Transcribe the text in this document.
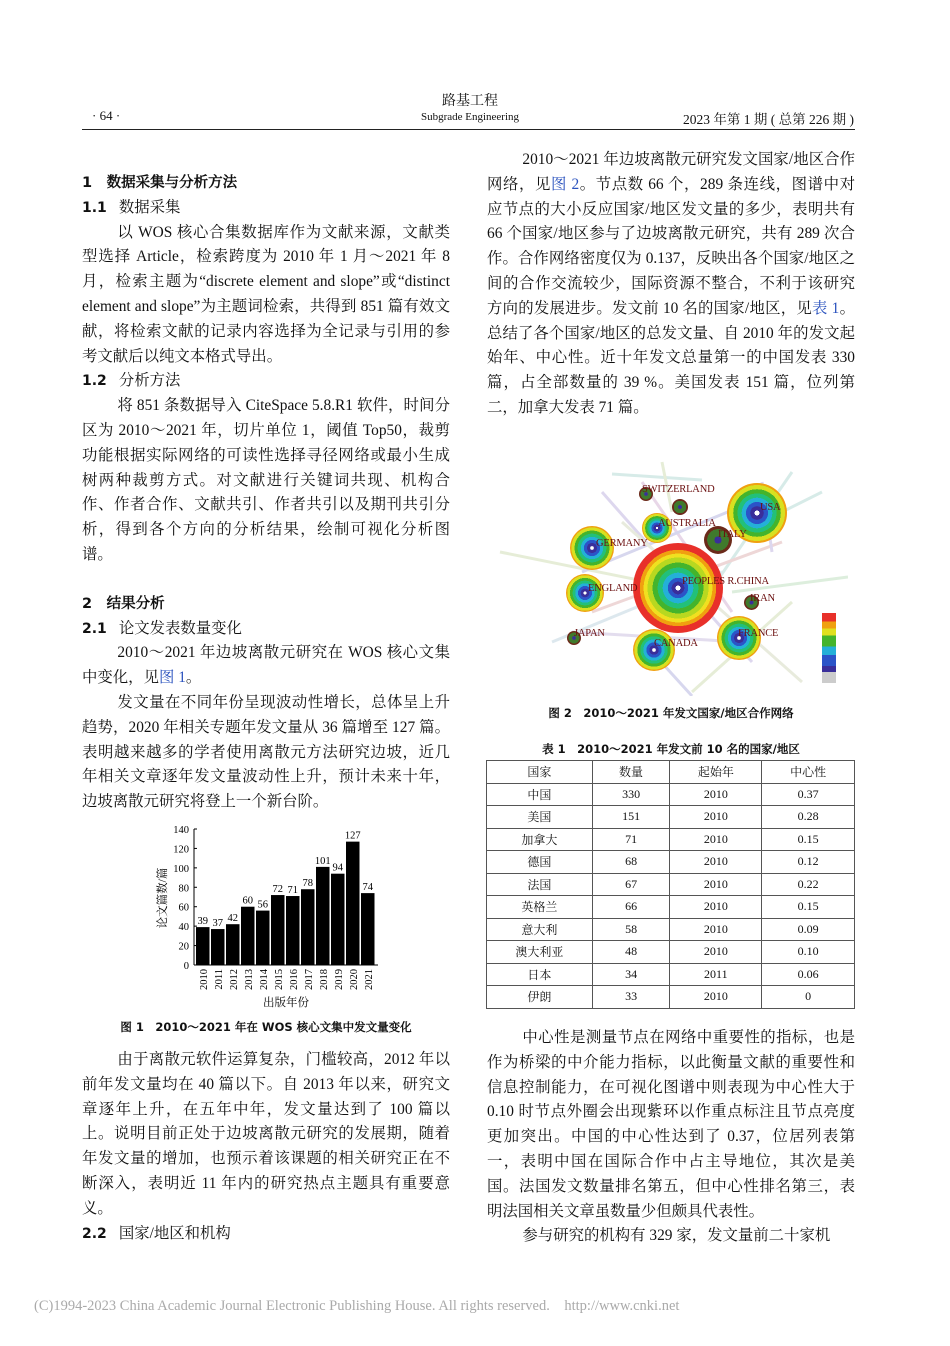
· 64 ·
路基工程
Subgrade Engineering	2023 年第 1 期 ( 总第 226 期 )

1　数据采集与分析方法

1.1 数据采集

以 WOS 核心合集数据库作为文献来源，文献类型选择 Article，检索跨度为 2010 年 1 月～2021 年 8 月，检索主题为“discrete element and slope”或“distinct element and slope”为主题词检索，共得到 851 篇有效文献，将检索文献的记录内容选择为全记录与引用的参考文献后以纯文本格式导出。

1.2 分析方法

将 851 条数据导入 CiteSpace 5.8.R1 软件，时间分区为 2010～2021 年，切片单位 1，阈值 Top50，裁剪功能根据实际网络的可读性选择寻径网络或最小生成树两种裁剪方式。对文献进行关键词共现、机构合作、作者合作、文献共引、作者共引以及期刊共引分析，得到各个方向的分析结果，绘制可视化分析图谱。

2　结果分析

2.1 论文发表数量变化

2010～2021 年边坡离散元研究在 WOS 核心文集中变化，见图 1。

发文量在不同年份呈现波动性增长，总体呈上升趋势，2020 年相关专题年发文量从 36 篇增至 127 篇。表明越来越多的学者使用离散元方法研究边坡，近几年相关文章逐年发文量波动性上升，预计未来十年，边坡离散元研究将登上一个新台阶。

0
20
40
60
80
100
120
140
39
2010
37
2011
42
2012
60
2013
56
2014
72
2015
71
2016
78
2017
101
2018
94
2019
127
2020
74
2021
出版年份
论文篇数/篇
图 1　2010～2021 年在 WOS 核心文集中发文量变化

由于离散元软件运算复杂，门槛较高，2012 年以前年发文量均在 40 篇以下。自 2013 年以来，研究文章逐年上升，在五年中年，发文量达到了 100 篇以上。说明目前正处于边坡离散元研究的发展期，随着年发文量的增加，也预示着该课题的相关研究正在不断深入，表明近 11 年内的研究热点主题具有重要意义。

2.2 国家/地区和机构

2010～2021 年边坡离散元研究发文国家/地区合作网络，见图 2。节点数 66 个，289 条连线，图谱中对应节点的大小反应国家/地区发文量的多少，表明共有 66 个国家/地区参与了边坡离散元研究，共有 289 次合作。合作网络密度仅为 0.137，反映出各个国家/地区之间的合作交流较少，国际资源不整合，不利于该研究方向的发展进步。发文前 10 名的国家/地区，见表 1。总结了各个国家/地区的总发文量、自 2010 年的发文起始年、中心性。近十年发文总量第一的中国发表 330 篇，占全部数量的 39 %。美国发表 151 篇，位列第二，加拿大发表 71 篇。

SWITZERLAND
USA
AUSTRALIA
ITALY
GERMANY
PEOPLES R.CHINA
ENGLAND
IRAN
JAPAN	FRANCE
CANADA
图 2　2010～2021 年发文国家/地区合作网络
表 1　2010～2021 年发文前 10 名的国家/地区
国家	数量	起始年	中心性
中国	330	2010	0.37
美国	151	2010	0.28
加拿大	71	2010	0.15
德国	68	2010	0.12
法国	67	2010	0.22
英格兰	66	2010	0.15
意大利	58	2010	0.09
澳大利亚	48	2010	0.10
日本	34	2011	0.06
伊朗	33	2010	0

中心性是测量节点在网络中重要性的指标，也是作为桥梁的中介能力指标，以此衡量文献的重要性和信息控制能力，在可视化图谱中则表现为中心性大于 0.10 时节点外圈会出现紫环以作重点标注且节点亮度更加突出。中国的中心性达到了 0.37，位居列表第一，表明中国在国际合作中占主导地位，其次是美国。法国发文数量排名第五，但中心性排名第三，表明法国相关文章虽数量少但颇具代表性。

参与研究的机构有 329 家，发文量前二十家机

(C)1994-2023 China Academic Journal Electronic Publishing House. All rights reserved.    http://www.cnki.net
